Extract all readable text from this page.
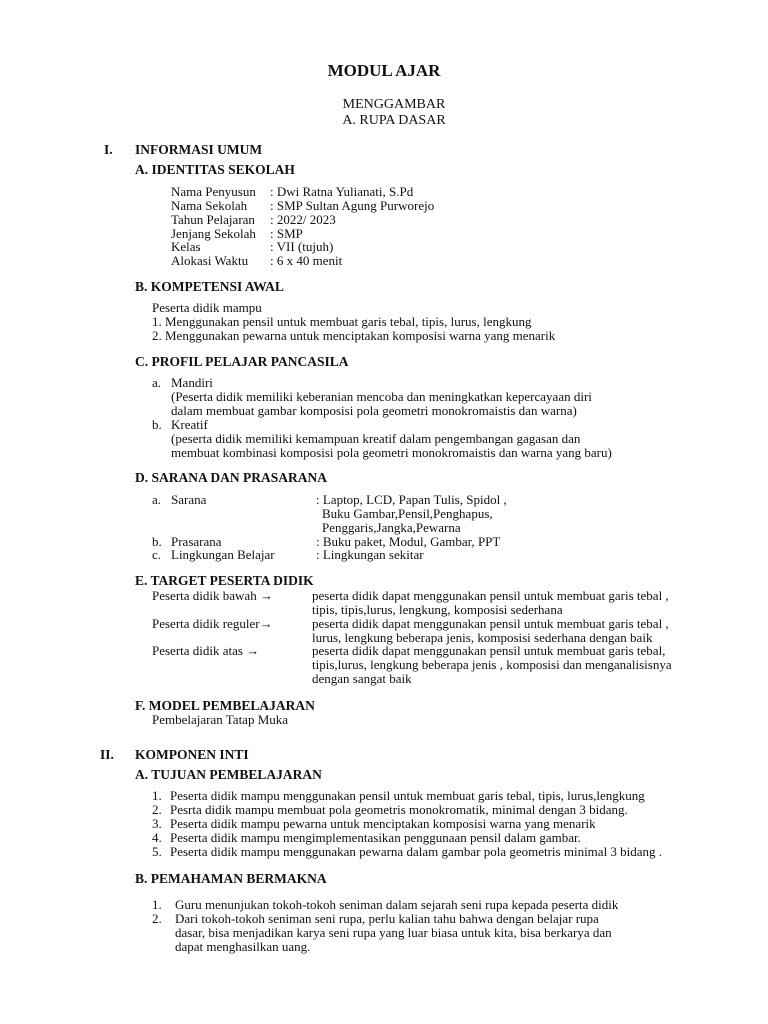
MODUL AJAR
MENGGAMBAR
A. RUPA DASAR
I. INFORMASI UMUM
A. IDENTITAS SEKOLAH
Nama Penyusun : Dwi Ratna Yulianati, S.Pd
Nama Sekolah : SMP Sultan Agung Purworejo
Tahun Pelajaran : 2022/ 2023
Jenjang Sekolah : SMP
Kelas	: VII (tujuh)
Alokasi Waktu : 6 x 40 menit
B. KOMPETENSI AWAL
Peserta didik mampu
1. Menggunakan pensil untuk membuat garis tebal, tipis, lurus, lengkung
2. Menggunakan pewarna untuk menciptakan komposisi warna yang menarik
C. PROFIL PELAJAR PANCASILA
a. Mandiri
(Peserta didik memiliki keberanian mencoba dan meningkatkan kepercayaan diri
dalam membuat gambar komposisi pola geometri monokromaistis dan warna)
b. Kreatif
(peserta didik memiliki kemampuan kreatif dalam pengembangan gagasan dan
membuat kombinasi komposisi pola geometri monokromaistis dan warna yang baru)
D. SARANA DAN PRASARANA
a. Sarana	: Laptop, LCD, Papan Tulis, Spidol ,
Buku Gambar,Pensil,Penghapus,
Penggaris,Jangka,Pewarna
b. Prasarana	: Buku paket, Modul, Gambar, PPT
c. Lingkungan Belajar	: Lingkungan sekitar
E. TARGET PESERTA DIDIK
Peserta didik bawah →	peserta didik dapat menggunakan pensil untuk membuat garis tebal ,
tipis, tipis,lurus, lengkung, komposisi sederhana
Peserta didik reguler→	peserta didik dapat menggunakan pensil untuk membuat garis tebal ,
lurus, lengkung beberapa jenis, komposisi sederhana dengan baik
Peserta didik atas →	peserta didik dapat menggunakan pensil untuk membuat garis tebal,
tipis,lurus, lengkung beberapa jenis , komposisi dan menganalisisnya
dengan sangat baik
F. MODEL PEMBELAJARAN
Pembelajaran Tatap Muka
II. KOMPONEN INTI
A. TUJUAN PEMBELAJARAN
1. Peserta didik mampu menggunakan pensil untuk membuat garis tebal, tipis, lurus,lengkung
2. Pesrta didik mampu membuat pola geometris monokromatik, minimal dengan 3 bidang.
3. Peserta didik mampu pewarna untuk menciptakan komposisi warna yang menarik
4. Peserta didik mampu mengimplementasikan penggunaan pensil dalam gambar.
5. Peserta didik mampu menggunakan pewarna dalam gambar pola geometris minimal 3 bidang .
B. PEMAHAMAN BERMAKNA
1. Guru menunjukan tokoh-tokoh seniman dalam sejarah seni rupa kepada peserta didik
2. Dari tokoh-tokoh seniman seni rupa, perlu kalian tahu bahwa dengan belajar rupa
dasar, bisa menjadikan karya seni rupa yang luar biasa untuk kita, bisa berkarya dan
dapat menghasilkan uang.
